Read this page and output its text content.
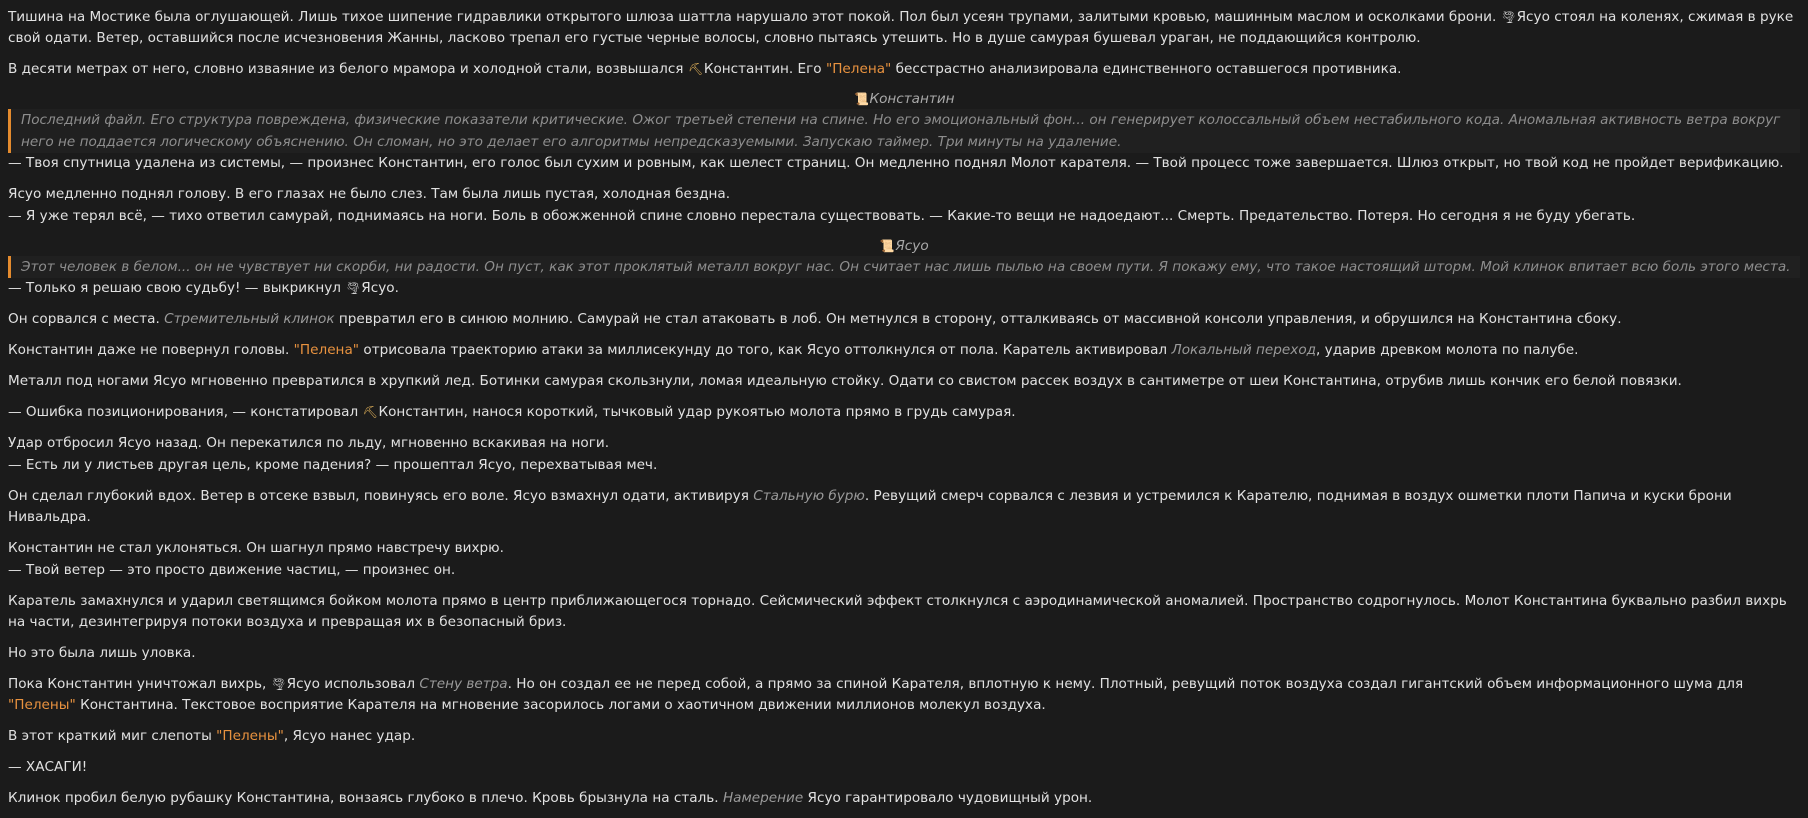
Тишина на Мостике была оглушающей. Лишь тихое шипение гидравлики открытого шлюза шаттла нарушало этот покой. Пол был усеян трупами, залитыми кровью, машинным маслом и осколками брони. 🌪Ясуо стоял на коленях, сжимая в руке свой одати. Ветер, оставшийся после исчезновения Жанны, ласково трепал его густые черные волосы, словно пытаясь утешить. Но в душе самурая бушевал ураган, не поддающийся контролю.

В десяти метрах от него, словно изваяние из белого мрамора и холодной стали, возвышался ⛏Константин. Его "Пелена" бесстрастно анализировала единственного оставшегося противника.

📜Константин
Последний файл. Его структура повреждена, физические показатели критические. Ожог третьей степени на спине. Но его эмоциональный фон... он генерирует колоссальный объем нестабильного кода. Аномальная активность ветра вокруг него не поддается логическому объяснению. Он сломан, но это делает его алгоритмы непредсказуемыми. Запускаю таймер. Три минуты на удаление.

— Твоя спутница удалена из системы, — произнес Константин, его голос был сухим и ровным, как шелест страниц. Он медленно поднял Молот карателя. — Твой процесс тоже завершается. Шлюз открыт, но твой код не пройдет верификацию.

Ясуо медленно поднял голову. В его глазах не было слез. Там была лишь пустая, холодная бездна.

— Я уже терял всё, — тихо ответил самурай, поднимаясь на ноги. Боль в обожженной спине словно перестала существовать. — Какие-то вещи не надоедают... Смерть. Предательство. Потеря. Но сегодня я не буду убегать.

📜Ясуо
Этот человек в белом... он не чувствует ни скорби, ни радости. Он пуст, как этот проклятый металл вокруг нас. Он считает нас лишь пылью на своем пути. Я покажу ему, что такое настоящий шторм. Мой клинок впитает всю боль этого места.

— Только я решаю свою судьбу! — выкрикнул 🌪Ясуо.

Он сорвался с места. Стремительный клинок превратил его в синюю молнию. Самурай не стал атаковать в лоб. Он метнулся в сторону, отталкиваясь от массивной консоли управления, и обрушился на Константина сбоку.

Константин даже не повернул головы. "Пелена" отрисовала траекторию атаки за миллисекунду до того, как Ясуо оттолкнулся от пола. Каратель активировал Локальный переход, ударив древком молота по палубе.

Металл под ногами Ясуо мгновенно превратился в хрупкий лед. Ботинки самурая скользнули, ломая идеальную стойку. Одати со свистом рассек воздух в сантиметре от шеи Константина, отрубив лишь кончик его белой повязки.

— Ошибка позиционирования, — констатировал ⛏Константин, нанося короткий, тычковый удар рукоятью молота прямо в грудь самурая.

Удар отбросил Ясуо назад. Он перекатился по льду, мгновенно вскакивая на ноги.

— Есть ли у листьев другая цель, кроме падения? — прошептал Ясуо, перехватывая меч.

Он сделал глубокий вдох. Ветер в отсеке взвыл, повинуясь его воле. Ясуо взмахнул одати, активируя Стальную бурю. Ревущий смерч сорвался с лезвия и устремился к Карателю, поднимая в воздух ошметки плоти Папича и куски брони Нивальдра.

Константин не стал уклоняться. Он шагнул прямо навстречу вихрю.

— Твой ветер — это просто движение частиц, — произнес он.

Каратель замахнулся и ударил светящимся бойком молота прямо в центр приближающегося торнадо. Сейсмический эффект столкнулся с аэродинамической аномалией. Пространство содрогнулось. Молот Константина буквально разбил вихрь на части, дезинтегрируя потоки воздуха и превращая их в безопасный бриз.

Но это была лишь уловка.

Пока Константин уничтожал вихрь, 🌪Ясуо использовал Стену ветра. Но он создал ее не перед собой, а прямо за спиной Карателя, вплотную к нему. Плотный, ревущий поток воздуха создал гигантский объем информационного шума для "Пелены" Константина. Текстовое восприятие Карателя на мгновение засорилось логами о хаотичном движении миллионов молекул воздуха.

В этот краткий миг слепоты "Пелены", Ясуо нанес удар.

— ХАСАГИ!

Клинок пробил белую рубашку Константина, вонзаясь глубоко в плечо. Кровь брызнула на сталь. Намерение Ясуо гарантировало чудовищный урон.
